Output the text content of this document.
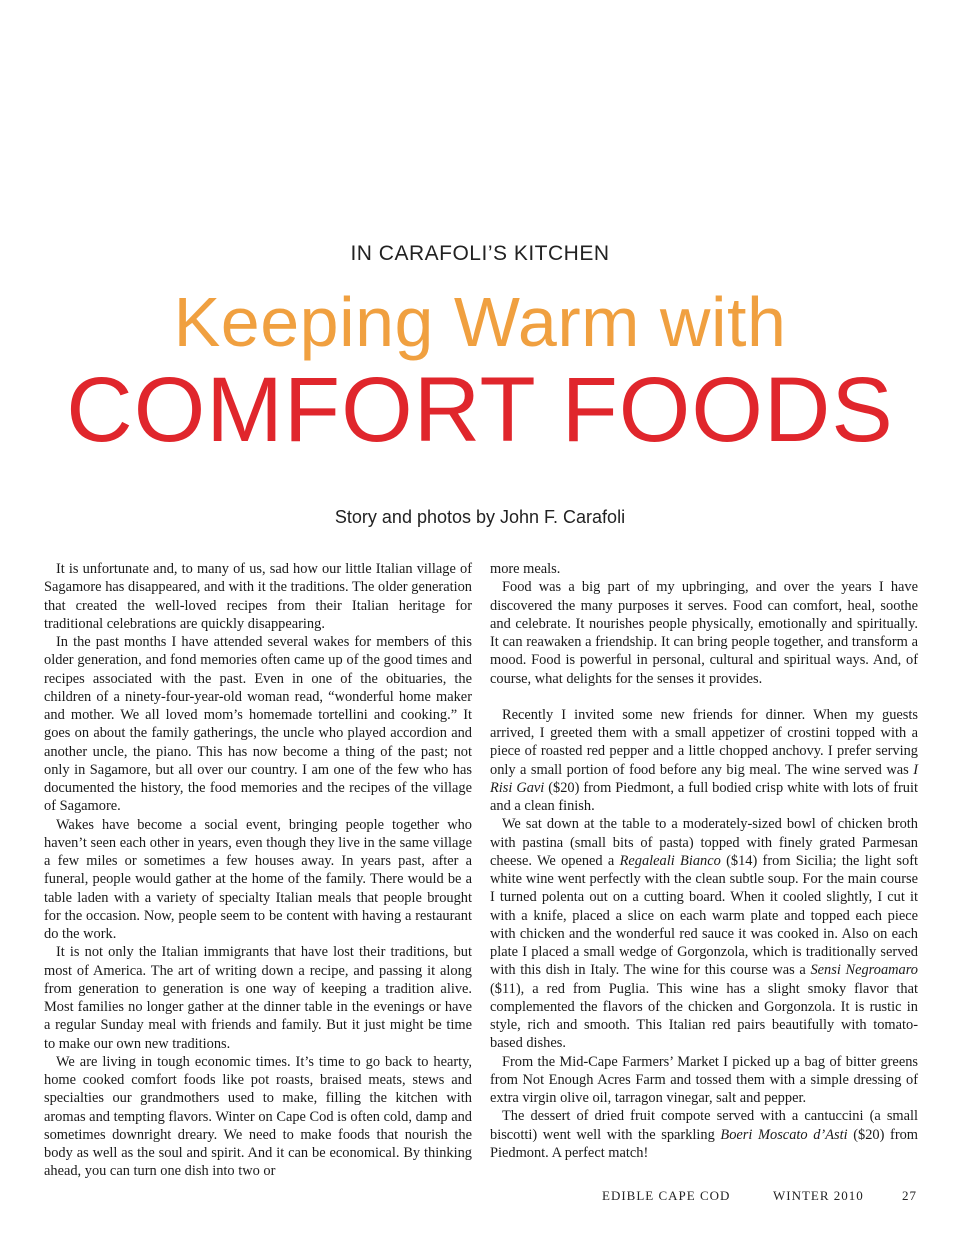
IN CARAFOLI’S KITCHEN
Keeping Warm with
COMFORT FOODS
Story and photos by John F. Carafoli

It is unfortunate and, to many of us, sad how our little Italian village of Sagamore has disappeared, and with it the traditions. The older generation that created the well-loved recipes from their Italian heritage for traditional celebrations are quickly disappearing.

In the past months I have attended several wakes for members of this older generation, and fond memories often came up of the good times and recipes associated with the past. Even in one of the obituaries, the children of a ninety-four-year-old woman read, “wonderful home maker and mother. We all loved mom’s homemade tortellini and cooking.” It goes on about the family gatherings, the uncle who played accordion and another uncle, the piano. This has now become a thing of the past; not only in Sagamore, but all over our country. I am one of the few who has documented the history, the food memories and the recipes of the village of Sagamore.

Wakes have become a social event, bringing people together who haven’t seen each other in years, even though they live in the same village a few miles or sometimes a few houses away. In years past, after a funeral, people would gather at the home of the family. There would be a table laden with a variety of specialty Italian meals that people brought for the occasion. Now, people seem to be content with having a restaurant do the work.

It is not only the Italian immigrants that have lost their traditions, but most of America. The art of writing down a recipe, and passing it along from generation to generation is one way of keeping a tradition alive. Most families no longer gather at the dinner table in the evenings or have a regular Sunday meal with friends and family. But it just might be time to make our own new traditions.

We are living in tough economic times. It’s time to go back to hearty, home cooked comfort foods like pot roasts, braised meats, stews and specialties our grandmothers used to make, filling the kitchen with aromas and tempting flavors. Winter on Cape Cod is often cold, damp and sometimes downright dreary. We need to make foods that nourish the body as well as the soul and spirit. And it can be economical. By thinking ahead, you can turn one dish into two or

more meals.

Food was a big part of my upbringing, and over the years I have discovered the many purposes it serves. Food can comfort, heal, soothe and celebrate. It nourishes people physically, emotionally and spiritually. It can reawaken a friendship. It can bring people together, and transform a mood. Food is powerful in personal, cultural and spiritual ways. And, of course, what delights for the senses it provides.

Recently I invited some new friends for dinner. When my guests arrived, I greeted them with a small appetizer of crostini topped with a piece of roasted red pepper and a little chopped anchovy. I prefer serving only a small portion of food before any big meal. The wine served was I Risi Gavi ($20) from Piedmont, a full bodied crisp white with lots of fruit and a clean finish.

We sat down at the table to a moderately-sized bowl of chicken broth with pastina (small bits of pasta) topped with finely grated Parmesan cheese. We opened a Regaleali Bianco ($14) from Sicilia; the light soft white wine went perfectly with the clean subtle soup. For the main course I turned polenta out on a cutting board. When it cooled slightly, I cut it with a knife, placed a slice on each warm plate and topped each piece with chicken and the wonderful red sauce it was cooked in. Also on each plate I placed a small wedge of Gorgonzola, which is traditionally served with this dish in Italy. The wine for this course was a Sensi Negroamaro ($11), a red from Puglia. This wine has a slight smoky flavor that complemented the flavors of the chicken and Gorgonzola. It is rustic in style, rich and smooth. This Italian red pairs beautifully with tomato-based dishes.

From the Mid-Cape Farmers’ Market I picked up a bag of bitter greens from Not Enough Acres Farm and tossed them with a simple dressing of extra virgin olive oil, tarragon vinegar, salt and pepper.

The dessert of dried fruit compote served with a cantuccini (a small biscotti) went well with the sparkling Boeri Moscato d’Asti ($20) from Piedmont. A perfect match!

EDIBLE CAPE COD	WINTER 2010	27
